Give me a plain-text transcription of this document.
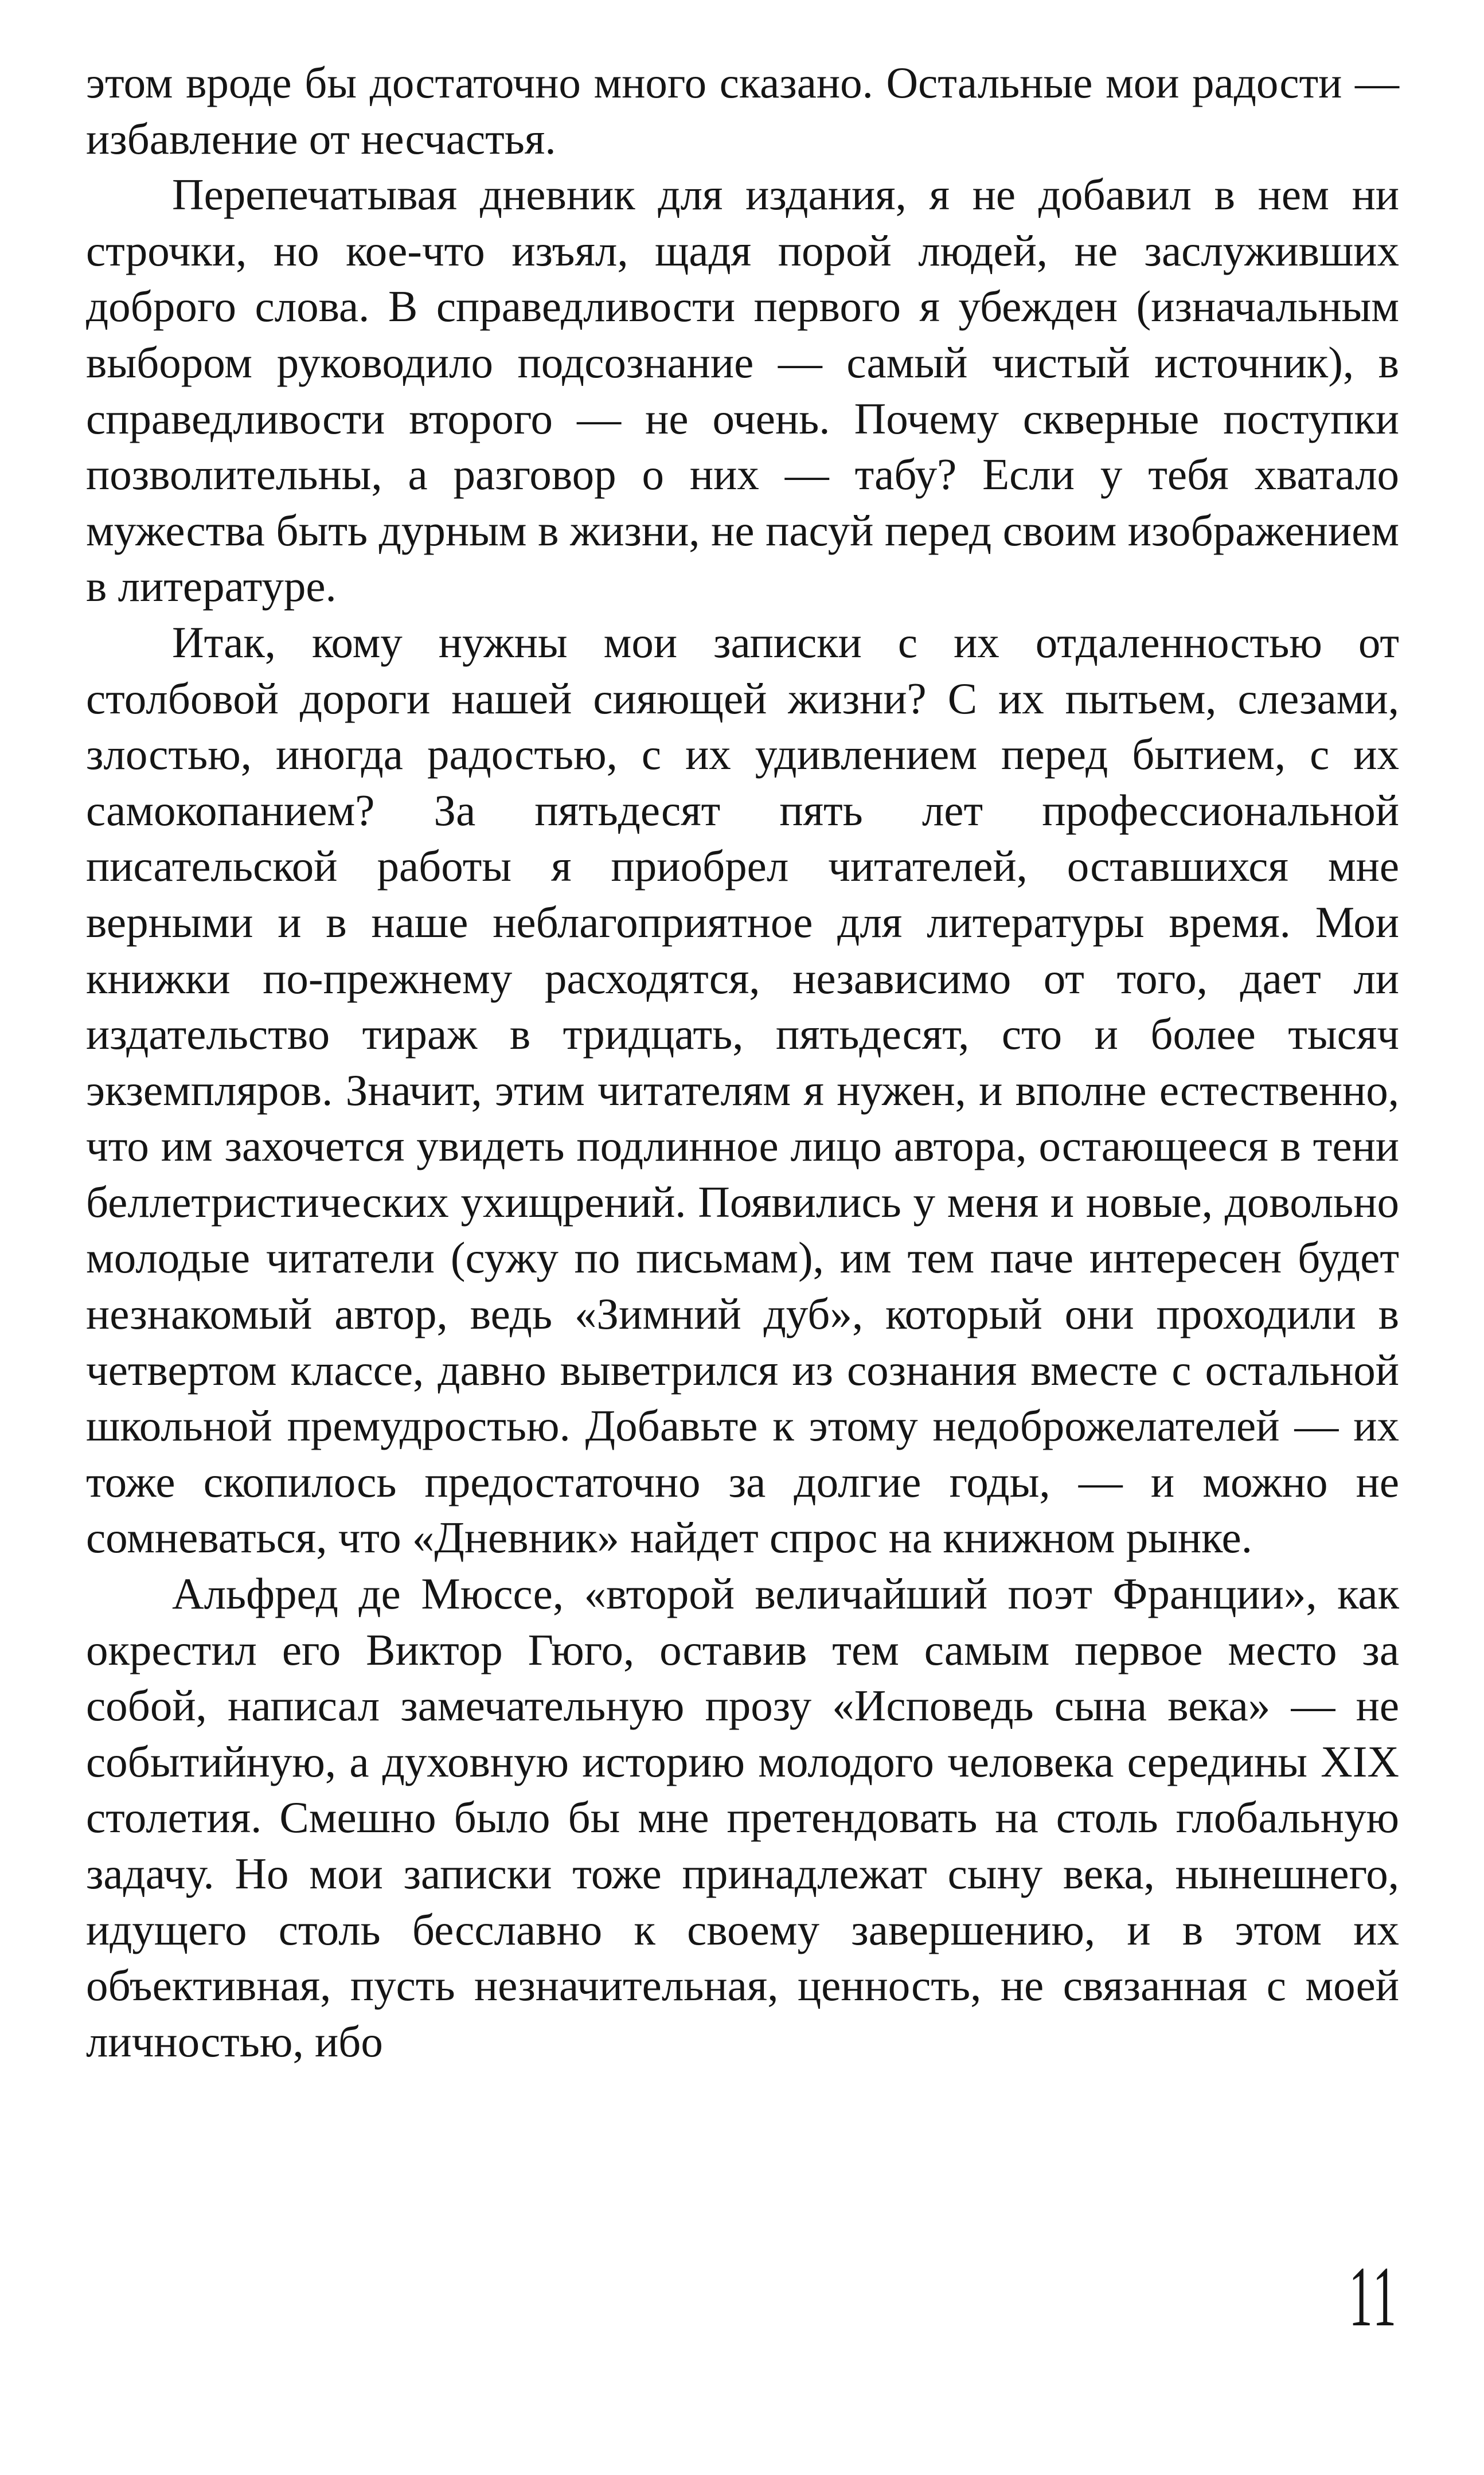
этом вроде бы достаточно много сказано. Остальные мои радости — избавление от несчастья.

Перепечатывая дневник для издания, я не добавил в нем ни строчки, но кое-что изъял, щадя порой людей, не заслуживших доброго слова. В справедливости первого я убежден (изначальным выбором руководило подсознание — самый чистый источник), в справедливости второго — не очень. Почему скверные поступки позволительны, а разговор о них — табу? Если у тебя хватало мужества быть дурным в жизни, не пасуй перед своим изображением в литературе.

Итак, кому нужны мои записки с их отдаленностью от столбовой дороги нашей сияющей жизни? С их пытьем, слезами, злостью, иногда радостью, с их удивлением перед бытием, с их самокопанием? За пятьдесят пять лет профессиональной писательской работы я приобрел читателей, оставшихся мне верными и в наше неблагоприятное для литературы время. Мои книжки по-прежнему расходятся, независимо от того, дает ли издательство тираж в тридцать, пятьдесят, сто и более тысяч экземпляров. Значит, этим читателям я нужен, и вполне естественно, что им захочется увидеть подлинное лицо автора, остающееся в тени беллетристических ухищрений. Появились у меня и новые, довольно молодые читатели (сужу по письмам), им тем паче интересен будет незнакомый автор, ведь «Зимний дуб», который они проходили в четвертом классе, давно выветрился из сознания вместе с остальной школьной премудростью. Добавьте к этому недоброжелателей — их тоже скопилось предостаточно за долгие годы, — и можно не сомневаться, что «Дневник» найдет спрос на книжном рынке.

Альфред де Мюссе, «второй величайший поэт Франции», как окрестил его Виктор Гюго, оставив тем самым первое место за собой, написал замечательную прозу «Исповедь сына века» — не событийную, а духовную историю молодого человека середины XIX столетия. Смешно было бы мне претендовать на столь глобальную задачу. Но мои записки тоже принадлежат сыну века, нынешнего, идущего столь бесславно к своему завершению, и в этом их объективная, пусть незначительная, ценность, не связанная с моей личностью, ибо

11
